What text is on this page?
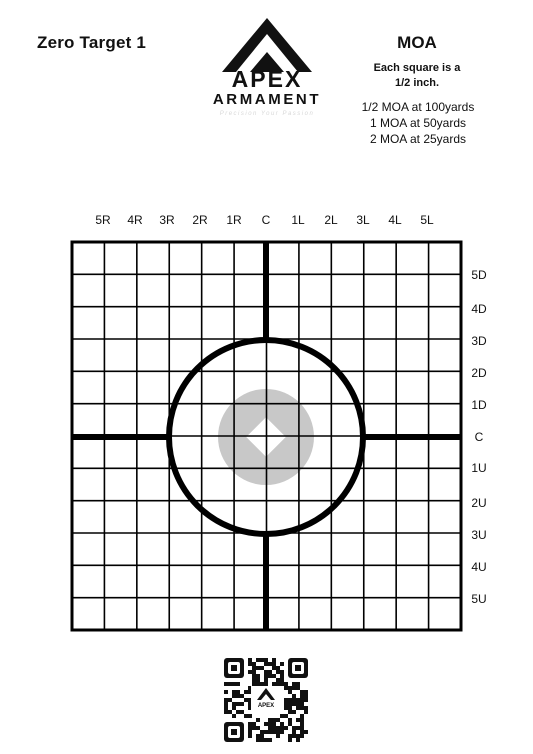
Zero Target 1
APEX
ARMAMENT
Precision Your Passion
MOA
Each square is a
1/2 inch.
1/2 MOA at 100yards
1 MOA at 50yards
2 MOA at 25yards
5R	4R	3R	2R	1R	C	1L	2L	3L	4L	5L
5D
4D
3D
2D
1D
C
1U
2U
3U
4U
5U
APEX
